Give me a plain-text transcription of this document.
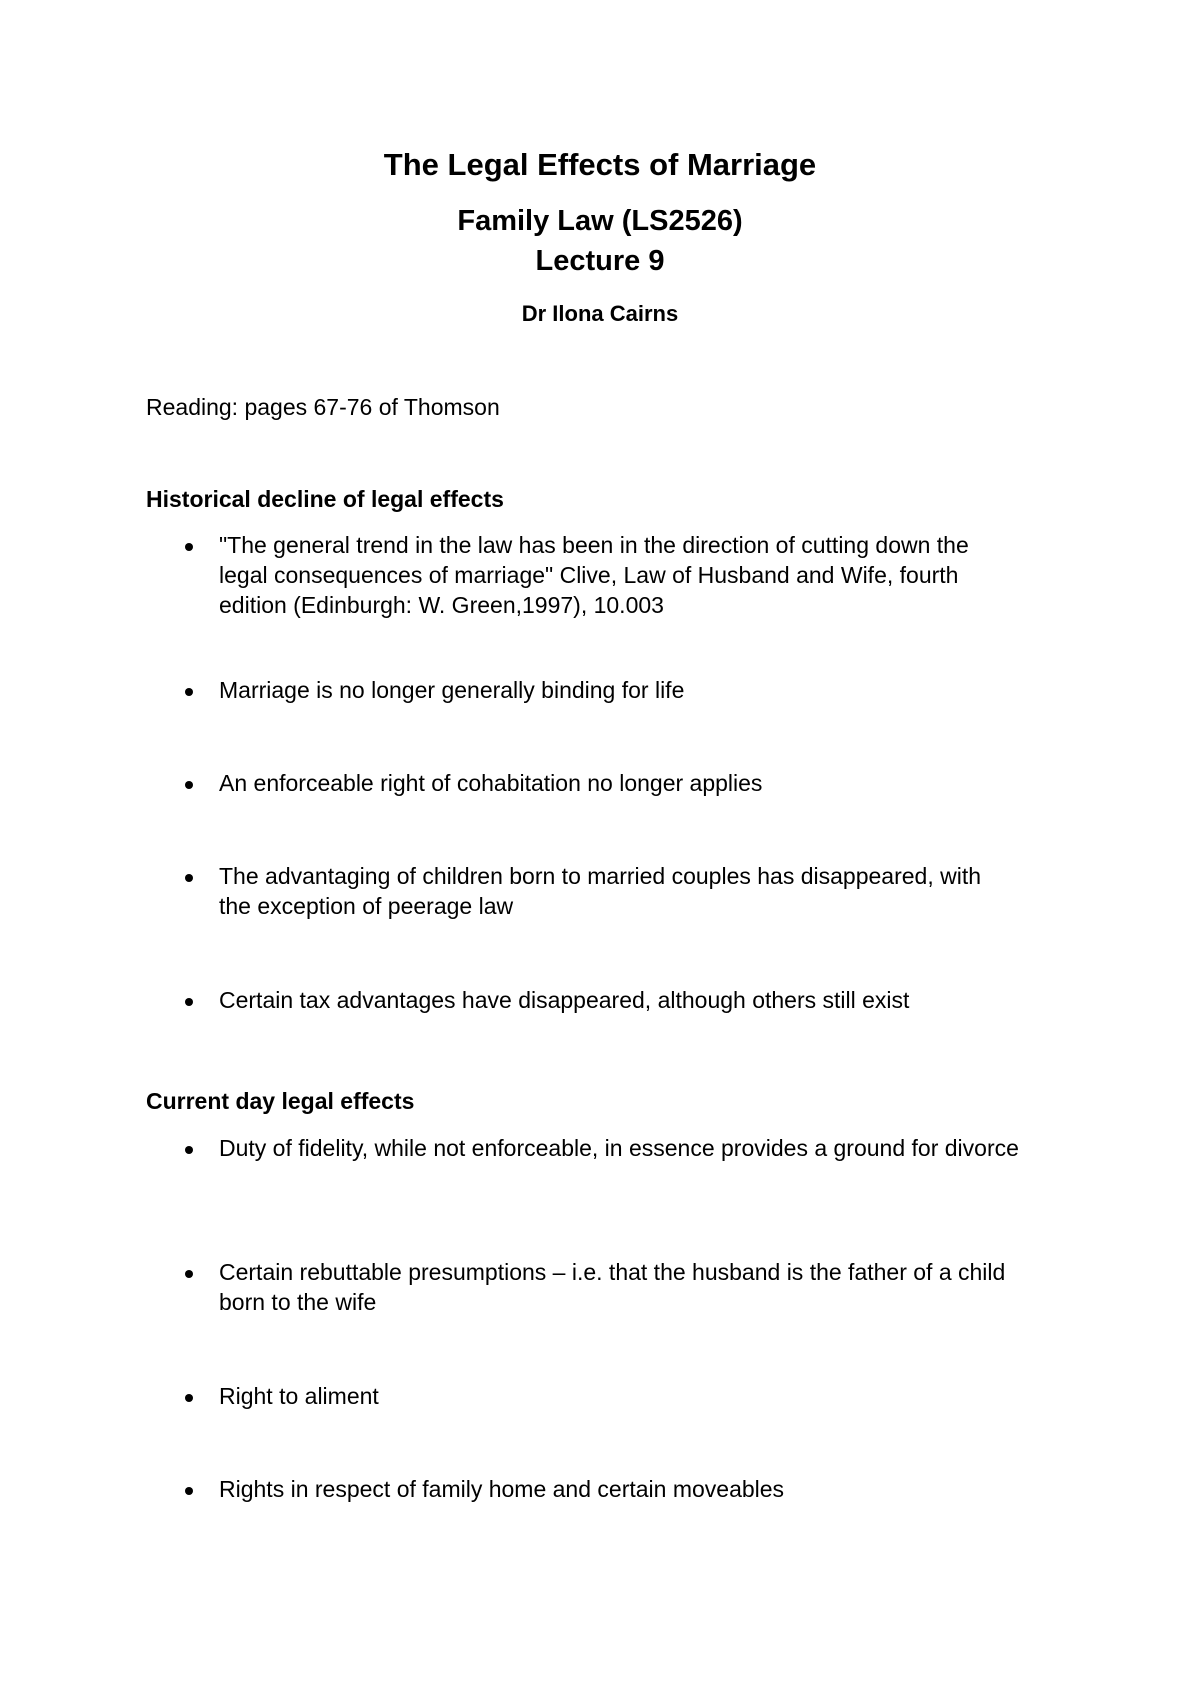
The Legal Effects of Marriage
Family Law (LS2526)
Lecture 9

Dr Ilona Cairns

Reading: pages 67-76 of Thomson

Historical decline of legal effects

"The general trend in the law has been in the direction of cutting down the legal consequences of marriage" Clive, Law of Husband and Wife, fourth edition (Edinburgh: W. Green,1997), 10.003
Marriage is no longer generally binding for life
An enforceable right of cohabitation no longer applies
The advantaging of children born to married couples has disappeared, with the exception of peerage law
Certain tax advantages have disappeared, although others still exist

Current day legal effects

Duty of fidelity, while not enforceable, in essence provides a ground for divorce
Certain rebuttable presumptions – i.e. that the husband is the father of a child born to the wife
Right to aliment
Rights in respect of family home and certain moveables
